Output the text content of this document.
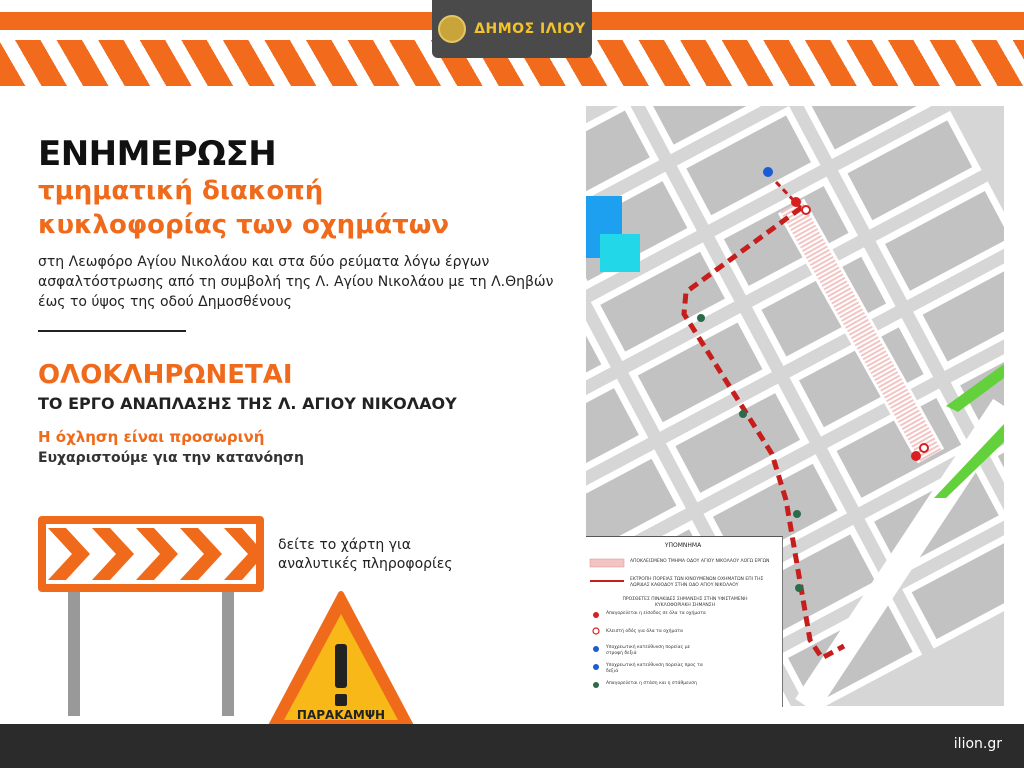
ΔΗΜΟΣ ΙΛΙΟΥ
ΕΝΗΜΕΡΩΣΗ
τμηματική διακοπή
κυκλοφορίας των οχημάτων
στη Λεωφόρο Αγίου Νικολάου και στα δύο ρεύματα λόγω έργων ασφαλτόστρωσης από τη συμβολή της Λ. Αγίου Νικολάου με τη Λ.Θηβών έως το ύψος της οδού Δημοσθένους
ΟΛΟΚΛΗΡΩΝΕΤΑΙ
ΤΟ ΕΡΓΟ ΑΝΑΠΛΑΣΗΣ ΤΗΣ Λ. ΑΓΙΟΥ ΝΙΚΟΛΑΟΥ
Η όχληση είναι προσωρινή
Ευχαριστούμε για την κατανόηση
δείτε το χάρτη για αναλυτικές πληροφορίες
ΠΑΡΑΚΑΜΨΗ
ΑΠΟΚΛΕΙΣΜΕΝΟ ΤΜΗΜΑ ΟΔΟΥ ΑΓΙΟΥ ΝΙΚΟΛΑΟΥ ΛΟΓΩ ΕΡΓΩΝ
ΕΚΤΡΟΠΗ ΠΟΡΕΙΑΣ ΤΩΝ ΚΙΝΟΥΜΕΝΩΝ ΟΧΗΜΑΤΩΝ ΕΠΙ ΤΗΣ ΛΩΡΙΔΑΣ ΚΑΘΟΔΟΥ ΣΤΗΝ ΟΔΟ ΑΓΙΟΥ ΝΙΚΟΛΑΟΥ
ΠΡΟΣΘΕΤΕΣ ΠΙΝΑΚΙΔΕΣ ΣΗΜΑΝΣΗΣ ΣΤΗΝ ΥΦΙΣΤΑΜΕΝΗ ΚΥΚΛΟΦΟΡΙΑΚΗ ΣΗΜΑΝΣΗ
Απαγορεύεται η είσοδος σε όλα τα οχήματα
Κλειστή οδός για όλα τα οχήματα
Υποχρεωτική κατεύθυνση πορείας με στροφή δεξιά
Υποχρεωτική κατεύθυνση πορείας προς τα δεξιά
Απαγορεύεται η στάση και η στάθμευση
ΥΠΟΜΝΗΜΑ
ilion.gr
